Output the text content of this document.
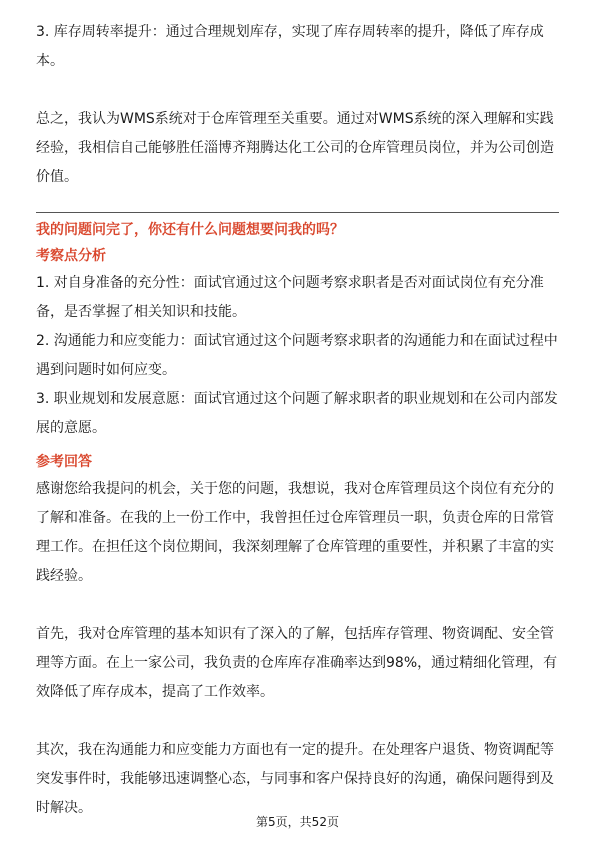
3. 库存周转率提升：通过合理规划库存，实现了库存周转率的提升，降低了库存成本。

总之，我认为WMS系统对于仓库管理至关重要。通过对WMS系统的深入理解和实践经验，我相信自己能够胜任淄博齐翔腾达化工公司的仓库管理员岗位，并为公司创造价值。

我的问题问完了，你还有什么问题想要问我的吗？
考察点分析

1. 对自身准备的充分性：面试官通过这个问题考察求职者是否对面试岗位有充分准备，是否掌握了相关知识和技能。

2. 沟通能力和应变能力：面试官通过这个问题考察求职者的沟通能力和在面试过程中遇到问题时如何应变。

3. 职业规划和发展意愿：面试官通过这个问题了解求职者的职业规划和在公司内部发展的意愿。

参考回答

感谢您给我提问的机会，关于您的问题，我想说，我对仓库管理员这个岗位有充分的了解和准备。在我的上一份工作中，我曾担任过仓库管理员一职，负责仓库的日常管理工作。在担任这个岗位期间，我深刻理解了仓库管理的重要性，并积累了丰富的实践经验。

首先，我对仓库管理的基本知识有了深入的了解，包括库存管理、物资调配、安全管理等方面。在上一家公司，我负责的仓库库存准确率达到98%，通过精细化管理，有效降低了库存成本，提高了工作效率。

其次，我在沟通能力和应变能力方面也有一定的提升。在处理客户退货、物资调配等突发事件时，我能够迅速调整心态，与同事和客户保持良好的沟通，确保问题得到及时解决。

第5页，共52页
